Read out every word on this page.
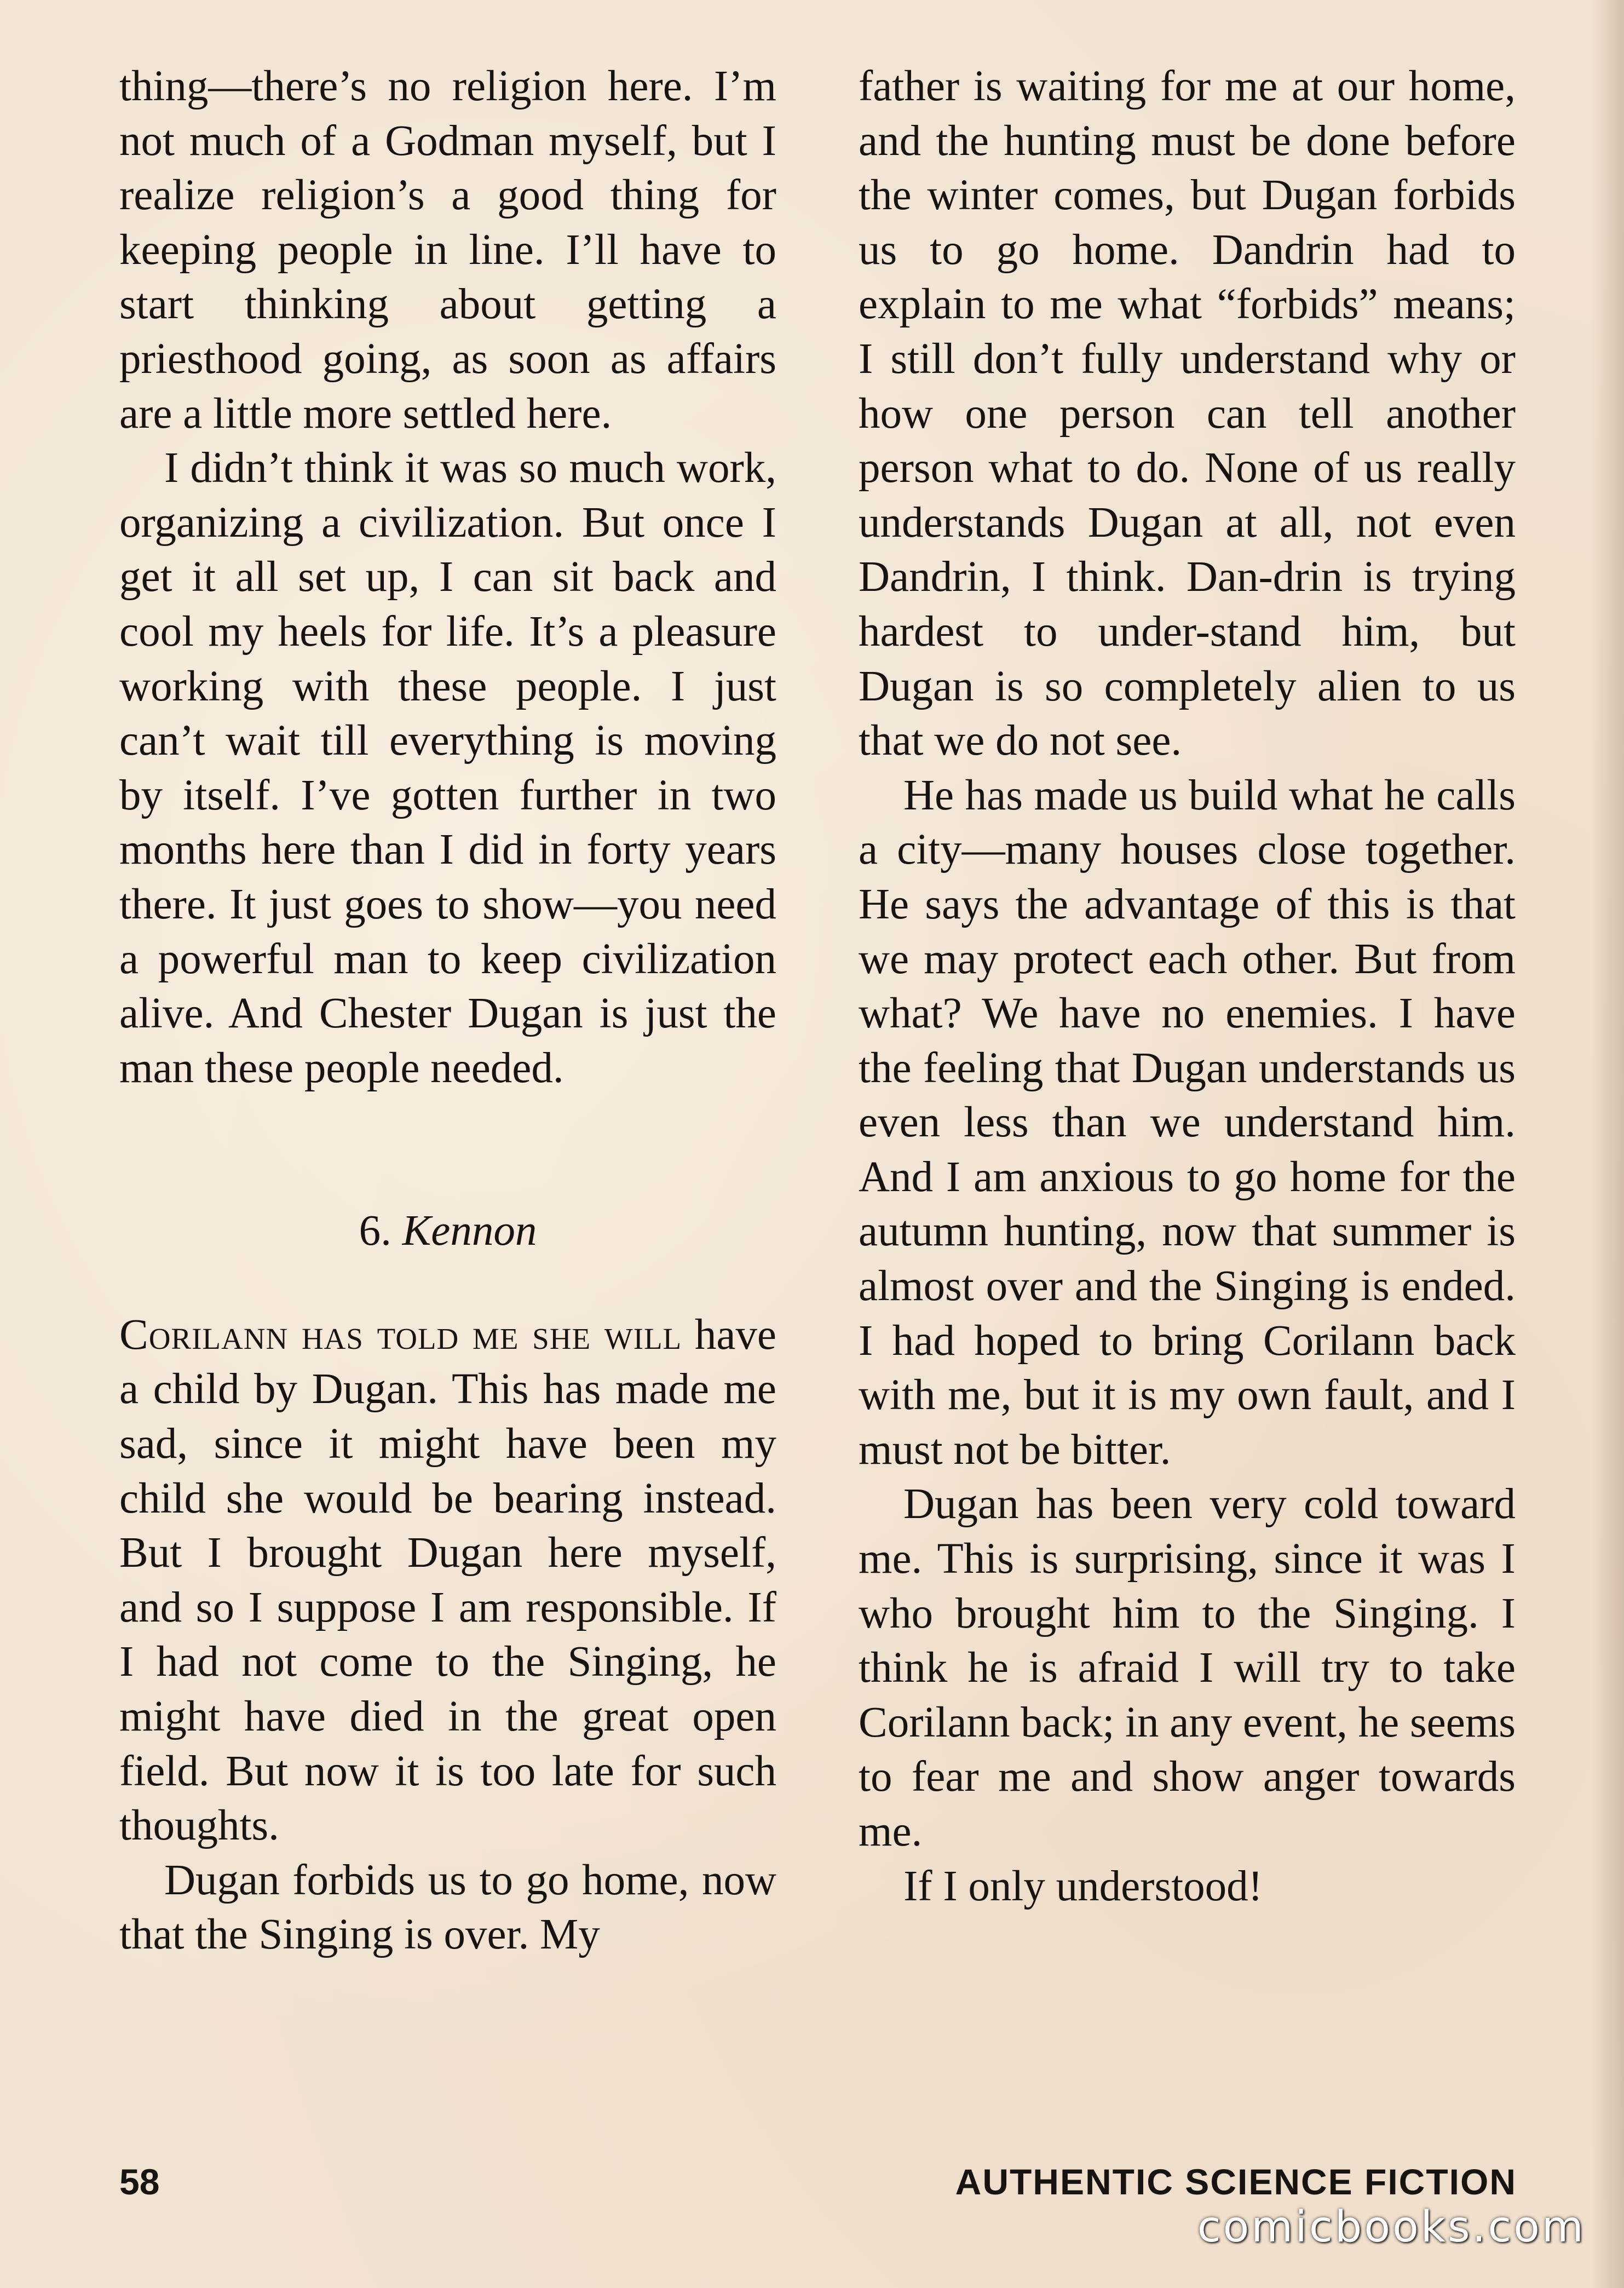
thing—there’s no religion here. I’m not much of a Godman myself, but I realize religion’s a good thing for keeping people in line. I’ll have to start thinking about getting a priesthood going, as soon as affairs are a little more settled here.

I didn’t think it was so much work, organizing a civilization. But once I get it all set up, I can sit back and cool my heels for life. It’s a pleasure working with these people. I just can’t wait till everything is moving by itself. I’ve gotten further in two months here than I did in forty years there. It just goes to show—you need a powerful man to keep civilization alive. And Chester Dugan is just the man these people needed.

6. Kennon

Corilann has told me she will have a child by Dugan. This has made me sad, since it might have been my child she would be bearing instead. But I brought Dugan here myself, and so I suppose I am responsible. If I had not come to the Singing, he might have died in the great open field. But now it is too late for such thoughts.

Dugan forbids us to go home, now that the Singing is over. My

father is waiting for me at our home, and the hunting must be done before the winter comes, but Dugan forbids us to go home. Dandrin had to explain to me what “forbids” means; I still don’t fully understand why or how one person can tell another person what to do. None of us really understands Dugan at all, not even Dandrin, I think. Dan-drin is trying hardest to under-stand him, but Dugan is so completely alien to us that we do not see.

He has made us build what he calls a city—many houses close together. He says the advantage of this is that we may protect each other. But from what? We have no enemies. I have the feeling that Dugan understands us even less than we understand him. And I am anxious to go home for the autumn hunting, now that summer is almost over and the Singing is ended. I had hoped to bring Corilann back with me, but it is my own fault, and I must not be bitter.

Dugan has been very cold toward me. This is surprising, since it was I who brought him to the Singing. I think he is afraid I will try to take Corilann back; in any event, he seems to fear me and show anger towards me.

If I only understood!

58	AUTHENTIC SCIENCE FICTION
comicbooks.com
